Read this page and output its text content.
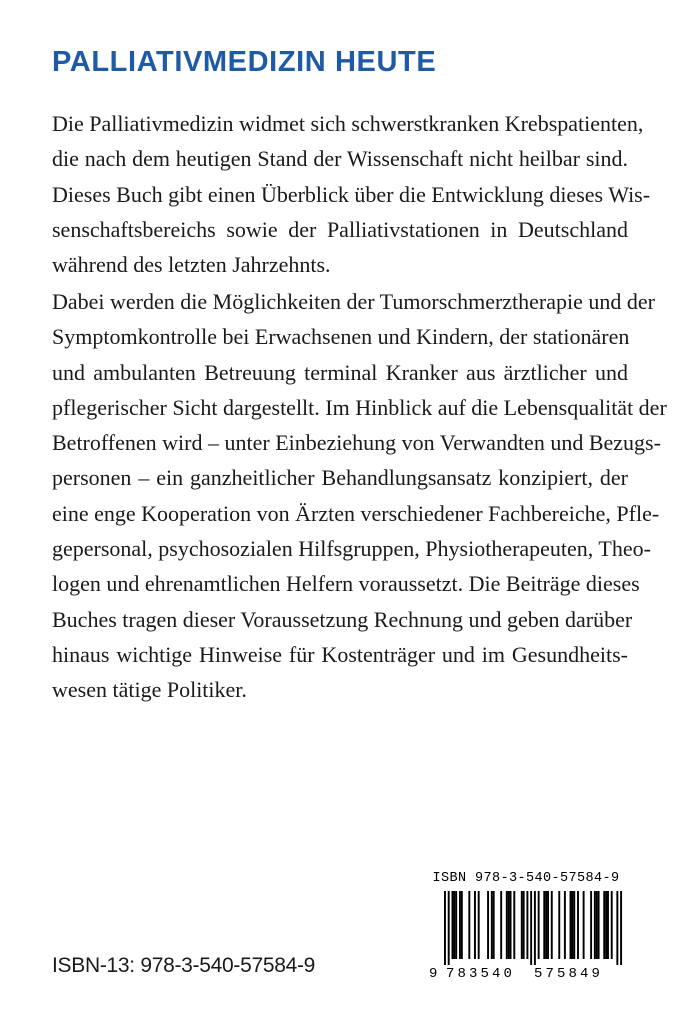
PALLIATIVMEDIZIN HEUTE
Die Palliativmedizin widmet sich schwerstkranken Krebspatienten,
die nach dem heutigen Stand der Wissenschaft nicht heilbar sind.
Dieses Buch gibt einen Überblick über die Entwicklung dieses Wis-
senschaftsbereichs sowie der Palliativstationen in Deutschland
während des letzten Jahrzehnts.
Dabei werden die Möglichkeiten der Tumorschmerztherapie und der
Symptomkontrolle bei Erwachsenen und Kindern, der stationären
und ambulanten Betreuung terminal Kranker aus ärztlicher und
pflegerischer Sicht dargestellt. Im Hinblick auf die Lebensqualität der
Betroffenen wird – unter Einbeziehung von Verwandten und Bezugs-
personen – ein ganzheitlicher Behandlungsansatz konzipiert, der
eine enge Kooperation von Ärzten verschiedener Fachbereiche, Pfle-
gepersonal, psychosozialen Hilfsgruppen, Physiotherapeuten, Theo-
logen und ehrenamtlichen Helfern voraussetzt. Die Beiträge dieses
Buches tragen dieser Voraussetzung Rechnung und geben darüber
hinaus wichtige Hinweise für Kostenträger und im Gesundheits-
wesen tätige Politiker.
ISBN 978-3-540-57584-9
9 783540 575849
ISBN-13: 978-3-540-57584-9
